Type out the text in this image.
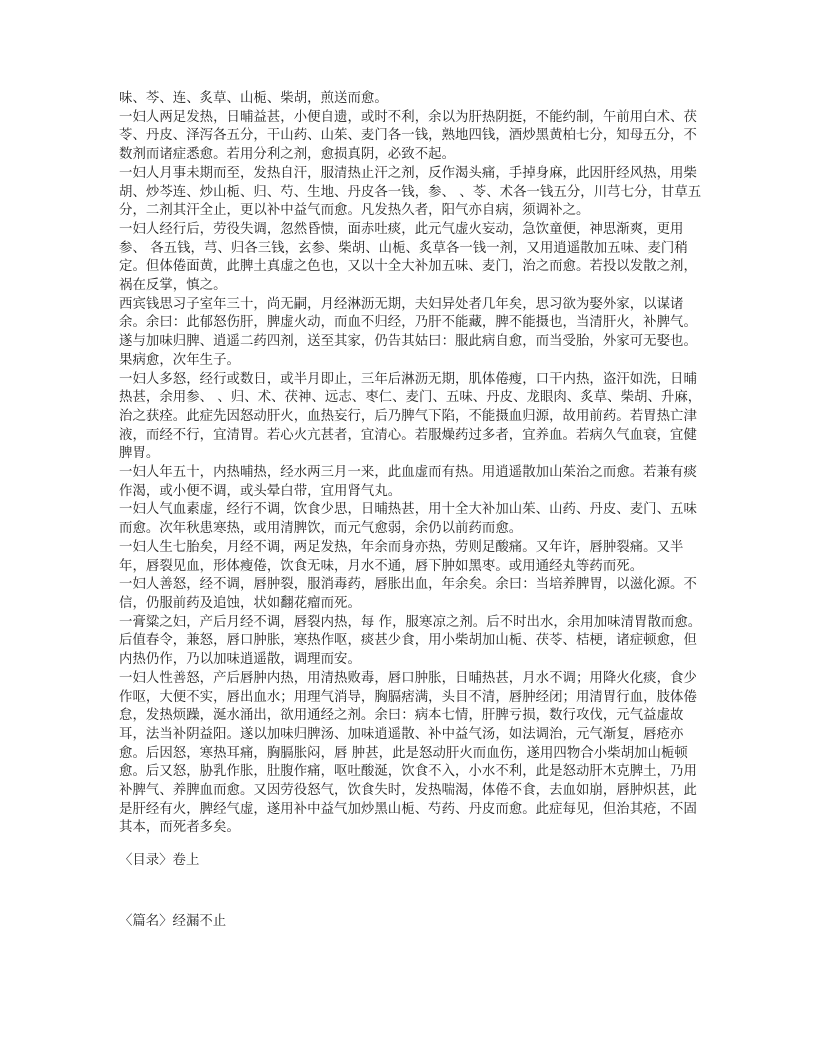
味、芩、连、炙草、山栀、柴胡，煎送而愈。

一妇人两足发热，日晡益甚，小便自遗，或时不利，余以为肝热阴挺，不能约制，午前用白术、茯苓、丹皮、泽泻各五分，干山药、山茱、麦门各一钱，熟地四钱，酒炒黑黄柏七分，知母五分，不数剂而诸症悉愈。若用分利之剂，愈损真阴，必致不起。

一妇人月事未期而至，发热自汗，服清热止汗之剂，反作渴头痛，手掉身麻，此因肝经风热，用柴胡、炒芩连、炒山栀、归、芍、生地、丹皮各一钱，参、 、苓、术各一钱五分，川芎七分，甘草五分，二剂其汗全止，更以补中益气而愈。凡发热久者，阳气亦自病，须调补之。

一妇人经行后，劳役失调，忽然昏愦，面赤吐痰，此元气虚火妄动，急饮童便，神思渐爽，更用参、 各五钱，芎、归各三钱，玄参、柴胡、山栀、炙草各一钱一剂，又用逍遥散加五味、麦门稍定。但体倦面黄，此脾土真虚之色也，又以十全大补加五味、麦门，治之而愈。若投以发散之剂，祸在反掌，慎之。

西宾钱思习子室年三十，尚无嗣，月经淋沥无期，夫妇异处者几年矣，思习欲为娶外家，以谋诸余。余曰：此郁怒伤肝，脾虚火动，而血不归经，乃肝不能藏，脾不能摄也，当清肝火，补脾气。遂与加味归脾、逍遥二药四剂，送至其家，仍告其姑曰：服此病自愈，而当受胎，外家可无娶也。果病愈，次年生子。

一妇人多怒，经行或数日，或半月即止，三年后淋沥无期，肌体倦瘦，口干内热，盗汗如洗，日晡热甚，余用参、 、归、术、茯神、远志、枣仁、麦门、五味、丹皮、龙眼肉、炙草、柴胡、升麻，治之获痊。此症先因怒动肝火，血热妄行，后乃脾气下陷，不能摄血归源，故用前药。若胃热亡津液，而经不行，宜清胃。若心火亢甚者，宜清心。若服燥药过多者，宜养血。若病久气血衰，宜健脾胃。

一妇人年五十，内热晡热，经水两三月一来，此血虚而有热。用逍遥散加山茱治之而愈。若兼有痰作渴，或小便不调，或头晕白带，宜用肾气丸。

一妇人气血素虚，经行不调，饮食少思，日晡热甚，用十全大补加山茱、山药、丹皮、麦门、五味而愈。次年秋患寒热，或用清脾饮，而元气愈弱，余仍以前药而愈。

一妇人生七胎矣，月经不调，两足发热，年余而身亦热，劳则足酸痛。又年许，唇肿裂痛。又半年，唇裂见血，形体瘦倦，饮食无味，月水不通，唇下肿如黑枣。或用通经丸等药而死。

一妇人善怒，经不调，唇肿裂，服消毒药，唇胀出血，年余矣。余曰：当培养脾胃，以滋化源。不信，仍服前药及追蚀，状如翻花瘤而死。

一膏粱之妇，产后月经不调，唇裂内热，每 作，服寒凉之剂。后不时出水，余用加味清胃散而愈。后值春令，兼怒，唇口肿胀，寒热作呕，痰甚少食，用小柴胡加山栀、茯苓、桔梗，诸症顿愈，但内热仍作，乃以加味逍遥散，调理而安。

一妇人性善怒，产后唇肿内热，用清热败毒，唇口肿胀，日晡热甚，月水不调；用降火化痰，食少作呕，大便不实，唇出血水；用理气消导，胸膈痞满，头目不清，唇肿经闭；用清胃行血，肢体倦怠，发热烦躁，涎水涌出，欲用通经之剂。余曰：病本七情，肝脾亏损，数行攻伐，元气益虚故耳，法当补阴益阳。遂以加味归脾汤、加味逍遥散、补中益气汤，如法调治，元气渐复，唇疮亦愈。后因怒，寒热耳痛，胸膈胀闷，唇 肿甚，此是怒动肝火而血伤，遂用四物合小柴胡加山栀顿愈。后又怒，胁乳作胀，肚腹作痛，呕吐酸涎，饮食不入，小水不利，此是怒动肝木克脾土，乃用补脾气、养脾血而愈。又因劳役怒气，饮食失时，发热喘渴，体倦不食，去血如崩，唇肿炽甚，此是肝经有火，脾经气虚，遂用补中益气加炒黑山栀、芍药、丹皮而愈。此症每见，但治其疮，不固其本，而死者多矣。

〈目录〉卷上

〈篇名〉经漏不止
